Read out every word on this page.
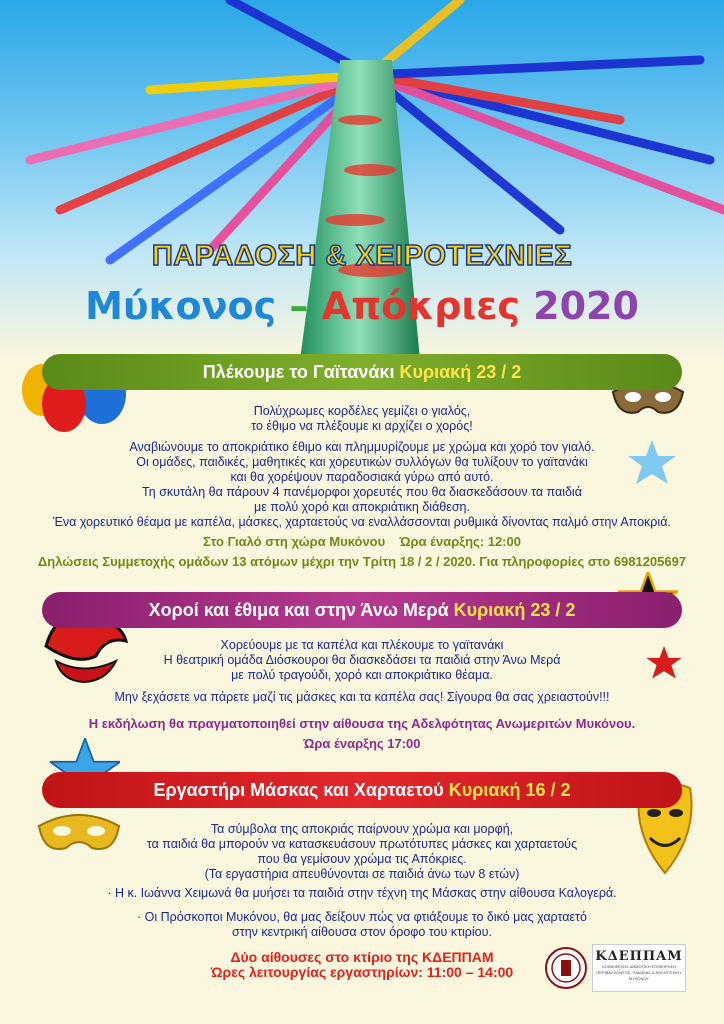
ΠΑΡΑΔΟΣΗ & ΧΕΙΡΟΤΕΧΝΙΕΣ
Μύκονος – Απόκριες 2020
Πλέκουμε το Γαϊτανάκι Κυριακή 23 / 2
Πολύχρωμες κορδέλες γεμίζει ο γιαλός,
το έθιμο να πλέξουμε κι αρχίζει ο χορός!
Αναβιώνουμε το αποκριάτικο έθιμο και πλημμυρίζουμε με χρώμα και χορό τον γιαλό.
Οι ομάδες, παιδικές, μαθητικές και χορευτικών συλλόγων θα τυλίξουν το γαϊτανάκι
και θα χορέψουν παραδοσιακά γύρω από αυτό.
Τη σκυτάλη θα πάρουν 4 πανέμορφοι χορευτές που θα διασκεδάσουν τα παιδιά
με πολύ χορό και αποκριάτικη διάθεση.
Ένα χορευτικό θέαμα με καπέλα, μάσκες, χαρταετούς να εναλλάσσονται ρυθμικά δίνοντας παλμό στην Αποκριά.
Στο Γιαλό στη χώρα Μυκόνου    Ώρα έναρξης: 12:00
Δηλώσεις Συμμετοχής ομάδων 13 ατόμων μέχρι την Τρίτη 18 / 2 / 2020. Για πληροφορίες στο 6981205697
Χοροί και έθιμα και στην Άνω Μερά Κυριακή 23 / 2
Χορεύουμε με τα καπέλα και πλέκουμε το γαϊτανάκι
Η θεατρική ομάδα Διόσκουροι θα διασκεδάσει τα παιδιά στην Άνω Μερά
με πολύ τραγούδι, χορό και αποκριάτικο θέαμα.
Μην ξεχάσετε να πάρετε μαζί τις μάσκες και τα καπέλα σας! Σίγουρα θα σας χρειαστούν!!!
Η εκδήλωση θα πραγματοποιηθεί στην αίθουσα της Αδελφότητας Ανωμεριτών Μυκόνου.
Ώρα έναρξης 17:00
Εργαστήρι Μάσκας και Χαρταετού Κυριακή 16 / 2
Τα σύμβολα της αποκριάς παίρνουν χρώμα και μορφή,
τα παιδιά θα μπορούν να κατασκευάσουν πρωτότυπες μάσκες και χαρταετούς
που θα γεμίσουν χρώμα τις Απόκριες.
(Τα εργαστήρια απευθύνονται σε παιδιά άνω των 8 ετών)
· Η κ. Ιωάννα Χειμωνά θα μυήσει τα παιδιά στην τέχνη της Μάσκας στην αίθουσα Καλογερά.
· Οι Πρόσκοποι Μυκόνου, θα μας δείξουν πώς να φτιάξουμε το δικό μας χαρταετό
στην κεντρική αίθουσα στον όροφο του κτιρίου.
Δύο αίθουσες στο κτίριο της ΚΔΕΠΠΑΜ
Ώρες λειτουργίας εργαστηρίων: 11:00 – 14:00
ΚΔΕΠΠΑΜ
ΚΟΙΝΩΦΕΛΗΣ ΔΗΜΟΤΙΚΗ ΕΠΙΧΕΙΡΗΣΗ
ΠΕΡΙΒΑΛΛΟΝΤΟΣ, ΠΑΙΔΕΙΑΣ & ΑΘΛΗΤΙΣΜΟΥ
ΜΥΚΟΝΟΥ
